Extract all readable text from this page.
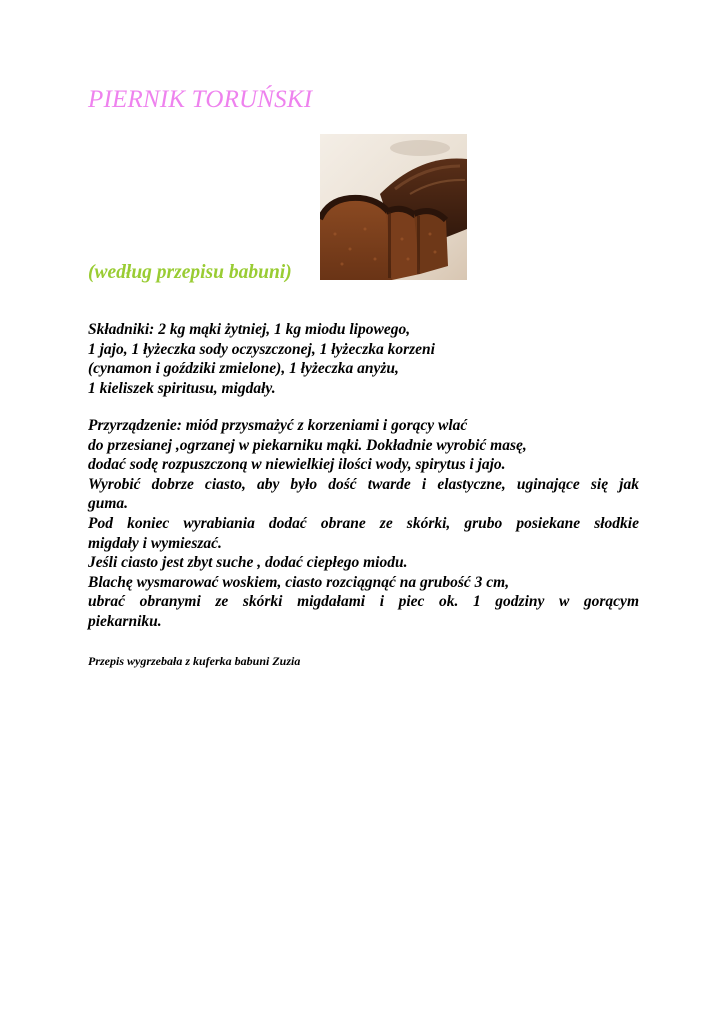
PIERNIK TORUŃSKI

(według przepisu babuni)

Składniki: 2 kg mąki żytniej, 1 kg miodu lipowego,
1 jajo, 1 łyżeczka sody oczyszczonej, 1 łyżeczka korzeni
(cynamon i goździki zmielone), 1 łyżeczka anyżu,
1 kieliszek spiritusu, migdały.

Przyrządzenie: miód przysmażyć z korzeniami i gorący wlać
do przesianej ,ogrzanej w piekarniku mąki. Dokładnie wyrobić masę,
dodać sodę rozpuszczoną w niewielkiej ilości wody, spirytus i jajo.
Wyrobić dobrze ciasto, aby było dość twarde i elastyczne, uginające się jak
guma.
Pod koniec wyrabiania dodać obrane ze skórki, grubo posiekane słodkie
migdały i wymieszać.
Jeśli ciasto jest zbyt suche , dodać ciepłego miodu.
Blachę wysmarować woskiem, ciasto rozciągnąć na grubość 3 cm,
ubrać obranymi ze skórki migdałami i piec ok. 1 godziny w gorącym
piekarniku.

Przepis wygrzebała z kuferka babuni Zuzia
